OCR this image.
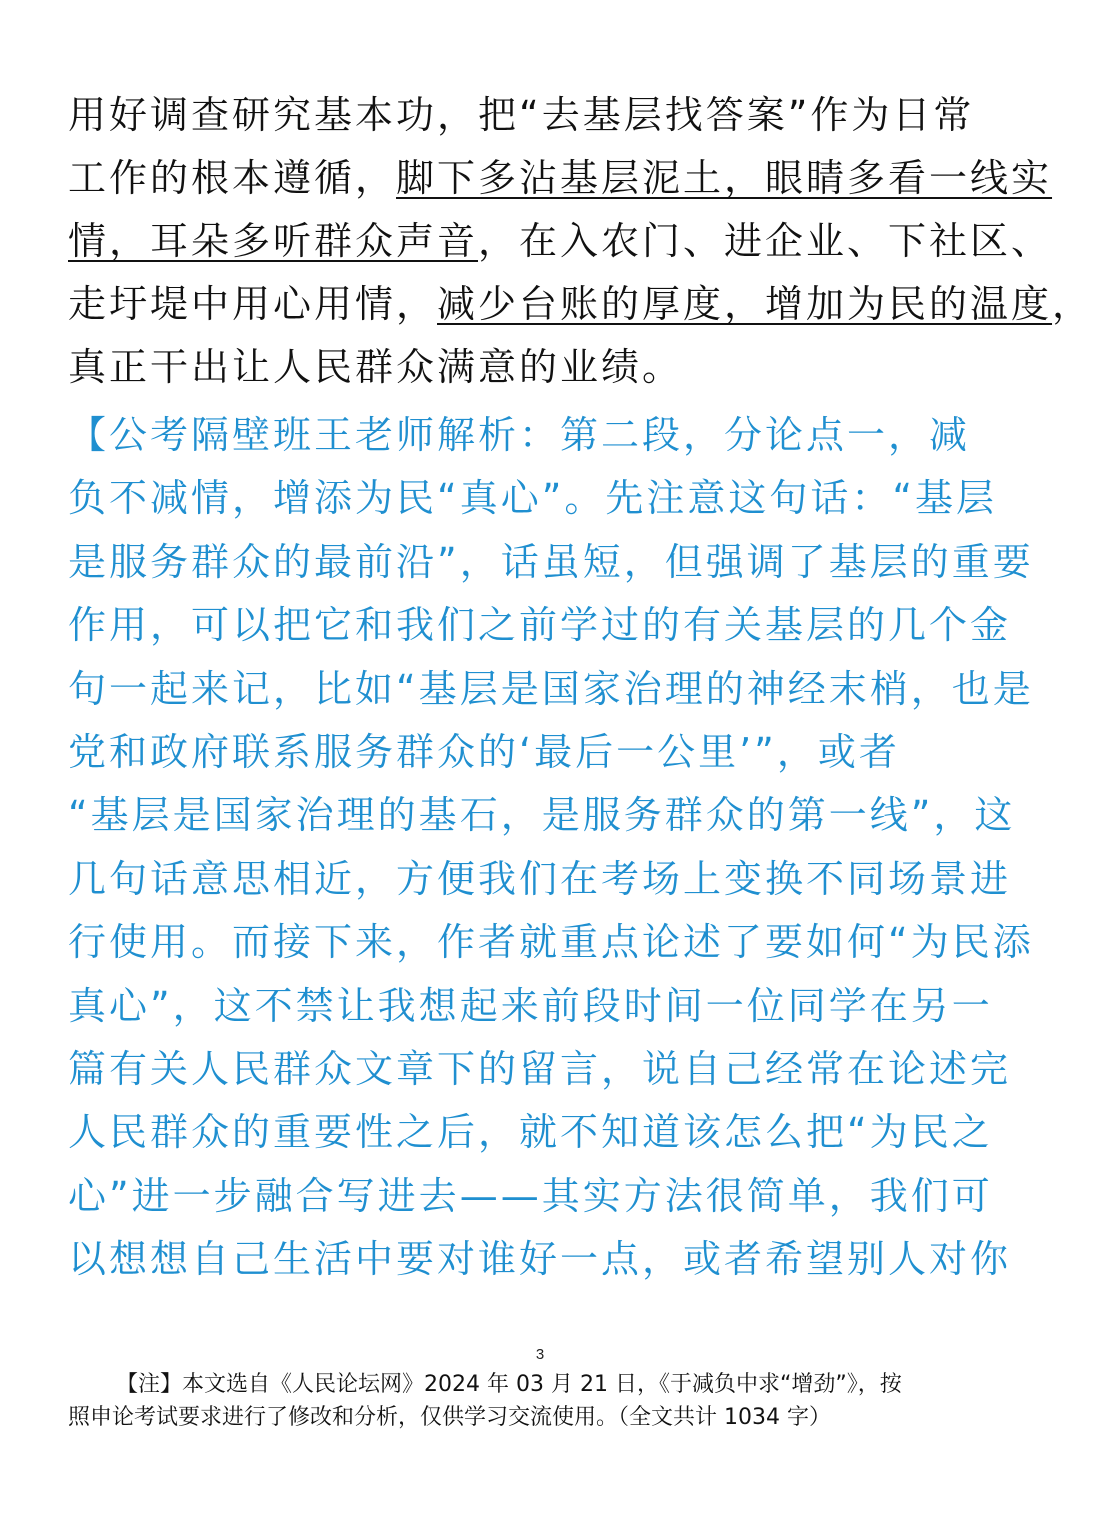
用好调查研究基本功，把“去基层找答案”作为日常
工作的根本遵循，脚下多沾基层泥土，眼睛多看一线实
情，耳朵多听群众声音，在入农门、进企业、下社区、
走圩堤中用心用情，减少台账的厚度，增加为民的温度，
真正干出让人民群众满意的业绩。
【公考隔壁班王老师解析：第二段，分论点一，减
负不减情，增添为民“真心”。先注意这句话：“基层
是服务群众的最前沿”，话虽短，但强调了基层的重要
作用，可以把它和我们之前学过的有关基层的几个金
句一起来记，比如“基层是国家治理的神经末梢，也是
党和政府联系服务群众的‘最后一公里’”，或者
“基层是国家治理的基石，是服务群众的第一线”，这
几句话意思相近，方便我们在考场上变换不同场景进
行使用。而接下来，作者就重点论述了要如何“为民添
真心”，这不禁让我想起来前段时间一位同学在另一
篇有关人民群众文章下的留言，说自己经常在论述完
人民群众的重要性之后，就不知道该怎么把“为民之
心”进一步融合写进去——其实方法很简单，我们可
以想想自己生活中要对谁好一点，或者希望别人对你
3
【注】本文选自《人民论坛网》2024 年 03 月 21 日，《于减负中求“增劲”》，按
照申论考试要求进行了修改和分析，仅供学习交流使用。（全文共计 1034 字）
